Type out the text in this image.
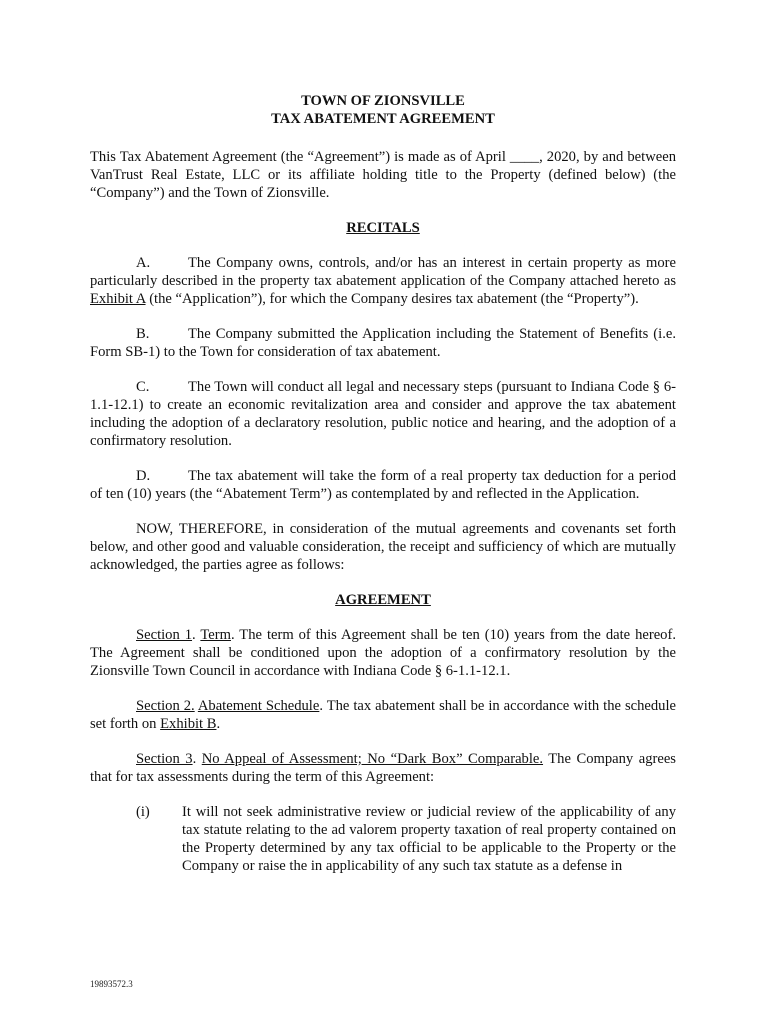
TOWN OF ZIONSVILLE
TAX ABATEMENT AGREEMENT

This Tax Abatement Agreement (the “Agreement”) is made as of April ____, 2020, by and between VanTrust Real Estate, LLC or its affiliate holding title to the Property (defined below) (the “Company”) and the Town of Zionsville.

RECITALS

A.	The Company owns, controls, and/or has an interest in certain property as more particularly described in the property tax abatement application of the Company attached hereto as Exhibit A (the “Application”), for which the Company desires tax abatement (the “Property”).

B.	The Company submitted the Application including the Statement of Benefits (i.e. Form SB-1) to the Town for consideration of tax abatement.

C.	The Town will conduct all legal and necessary steps (pursuant to Indiana Code § 6-1.1-12.1) to create an economic revitalization area and consider and approve the tax abatement including the adoption of a declaratory resolution, public notice and hearing, and the adoption of a confirmatory resolution.

D.	The tax abatement will take the form of a real property tax deduction for a period of ten (10) years (the “Abatement Term”) as contemplated by and reflected in the Application.

NOW, THEREFORE, in consideration of the mutual agreements and covenants set forth below, and other good and valuable consideration, the receipt and sufficiency of which are mutually acknowledged, the parties agree as follows:

AGREEMENT

Section 1. Term. The term of this Agreement shall be ten (10) years from the date hereof. The Agreement shall be conditioned upon the adoption of a confirmatory resolution by the Zionsville Town Council in accordance with Indiana Code § 6-1.1-12.1.

Section 2. Abatement Schedule. The tax abatement shall be in accordance with the schedule set forth on Exhibit B.

Section 3. No Appeal of Assessment; No “Dark Box” Comparable. The Company agrees that for tax assessments during the term of this Agreement:

(i) It will not seek administrative review or judicial review of the applicability of any tax statute relating to the ad valorem property taxation of real property contained on the Property determined by any tax official to be applicable to the Property or the Company or raise the in applicability of any such tax statute as a defense in

19893572.3
